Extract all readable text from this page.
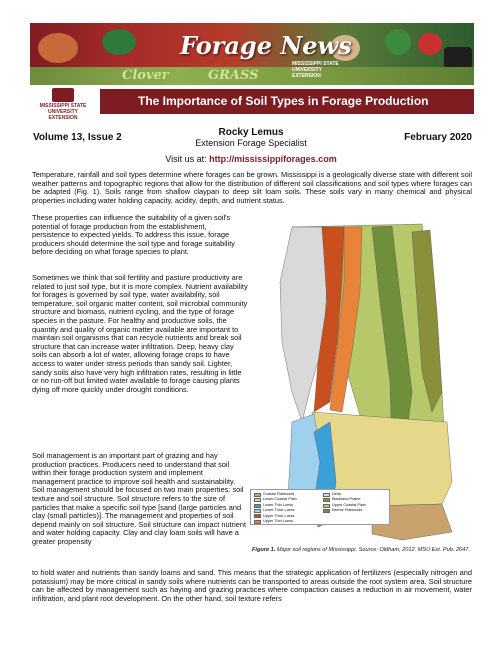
Forage News
Clover	GRASS
MISSISSIPPI STATE UNIVERSITY EXTENSION
MISSISSIPPI STATE
UNIVERSITY
EXTENSION
The Importance of Soil Types in Forage Production
Volume 13, Issue 2	Rocky Lemus
Extension Forage Specialist	February 2020
Visit us at: http://mississippiforages.com
Temperature, rainfall and soil types determine where forages can be grown. Mississippi is a geologically diverse state with different soil weather patterns and topographic regions that allow for the distribution of different soil classifications and soil types where forages can be adapted (Fig. 1). Soils range from shallow claypan to deep silt loam soils. These soils vary in many chemical and physical properties including water holding capacity, acidity, depth, and nutrient status.
These properties can influence the suitability of a given soil's potential of forage production from the establishment, persistence to expected yields. To address this issue, forage producers should determine the soil type and forage suitability before deciding on what forage species to plant.
Sometimes we think that soil fertility and pasture productivity are related to just soil type, but it is more complex. Nutrient availability for forages is governed by soil type, water availability, soil temperature, soil organic matter content, soil microbial community structure and biomass, nutrient cycling, and the type of forage species in the pasture. For healthy and productive soils, the quantity and quality of organic matter available are important to maintain soil organisms that can recycle nutrients and break soil structure that can increase water infiltration. Deep, heavy clay soils can absorb a lot of water, allowing forage crops to have access to water under stress periods than sandy soil. Lighter, sandy soils also have very high infiltration rates, resulting in little or no run-off but limited water available to forage causing plants dying off more quickly under drought conditions.
Soil management is an important part of grazing and hay production practices. Producers need to understand that soil within their forage production system and implement management practice to improve soil health and sustainability. Soil management should be focused on two main properties: soil texture and soil structure. Soil structure refers to the size of particles that make a specific soil type [sand (large particles and clay (small particles)]. The management and properties of soil depend mainly on soil structure. Soil structure can impact nutrient and water holding capacity. Clay and clay loam soils will have a greater propensity
to hold water and nutrients than sandy loams and sand. This means that the strategic application of fertilizers (especially nitrogen and potassium) may be more critical in sandy soils where nutrients can be transported to areas outside the root system area. Soil structure can be affected by management such as haying and grazing practices where compaction causes a reduction in air movement, water infiltration, and plant root development. On the other hand, soil texture refers
Coastal Flatwoods
Lower Coastal Plain
Lower Thin Loess
Lower Thick Loess
Upper Thick Loess
Upper Thin Loess
Delta
Blackland Prairie
Upper Coastal Plain
Interior Flatwoods
Figure 1. Major soil regions of Mississippi. Source: Oldham, 2012. MSU Ext. Pub. 2647.
